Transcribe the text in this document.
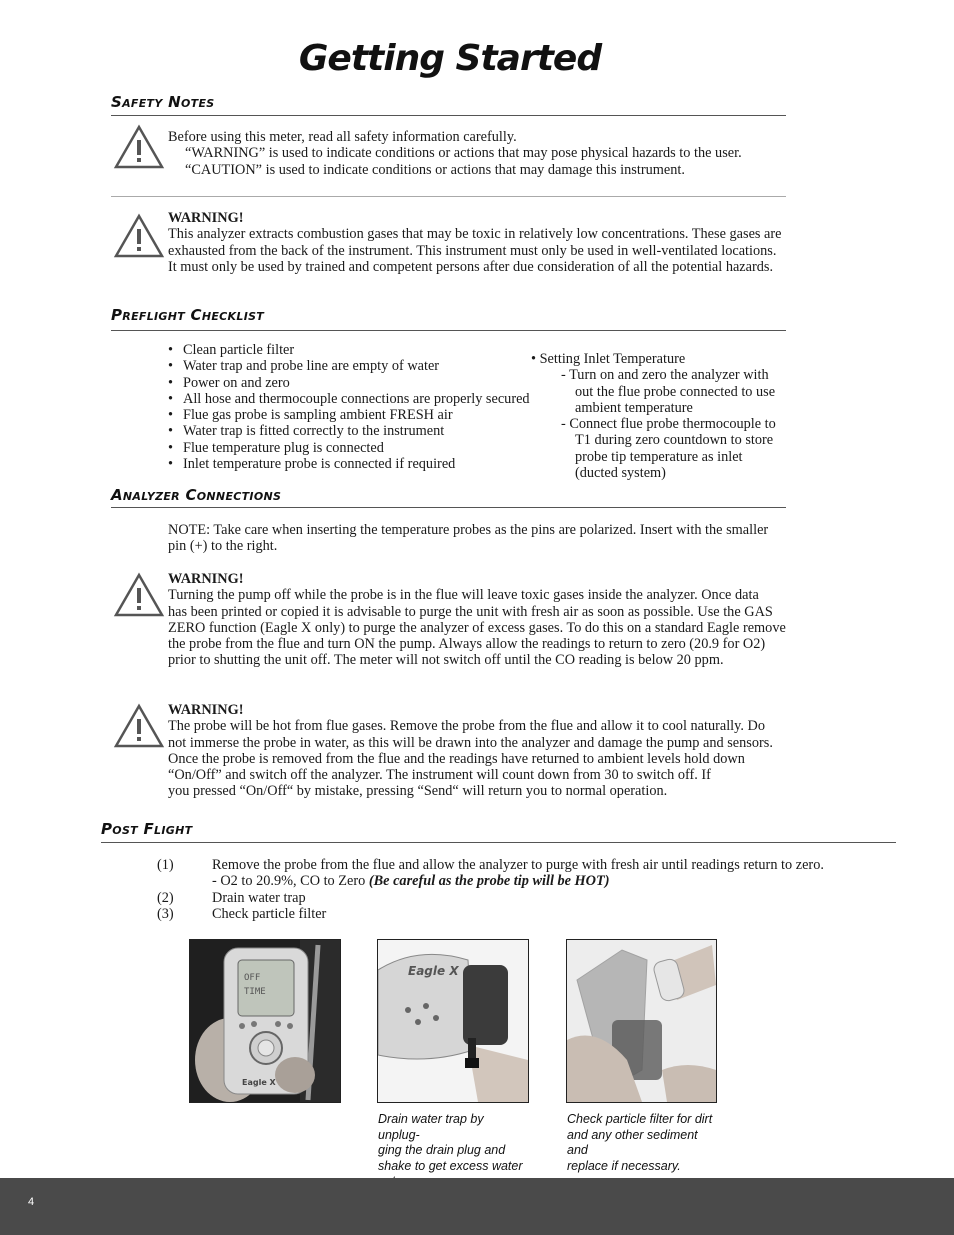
Getting Started
Safety Notes

Before using this meter, read all safety information carefully.

“WARNING” is used to indicate conditions or actions that may pose physical hazards to the user.

“CAUTION” is used to indicate conditions or actions that may damage this instrument.

WARNING!

This analyzer extracts combustion gases that may be toxic in relatively low concentrations. These gases are

exhausted from the back of the instrument. This instrument must only be used in well-ventilated locations.

It must only be used by trained and competent persons after due consideration of all the potential hazards.

Preflight Checklist
• Clean particle filter
• Water trap and probe line are empty of water
• Power on and zero
• All hose and thermocouple connections are properly secured
• Flue gas probe is sampling ambient FRESH air
• Water trap is fitted correctly to the instrument
• Flue temperature plug is connected
• Inlet temperature probe is connected if required

• Setting Inlet Temperature

- Turn on and zero the analyzer with

out the flue probe connected to use

ambient temperature

- Connect flue probe thermocouple to

T1 during zero countdown to store

probe tip temperature as inlet

(ducted system)

Analyzer Connections

NOTE: Take care when inserting the temperature probes as the pins are polarized. Insert with the smaller

pin (+) to the right.

WARNING!

Turning the pump off while the probe is in the flue will leave toxic gases inside the analyzer. Once data

has been printed or copied it is advisable to purge the unit with fresh air as soon as possible. Use the GAS

ZERO function (Eagle X only) to purge the analyzer of excess gases. To do this on a standard Eagle remove

the probe from the flue and turn ON the pump. Always allow the readings to return to zero (20.9 for O2)

prior to shutting the unit off. The meter will not switch off until the CO reading is below 20 ppm.

WARNING!

The probe will be hot from flue gases. Remove the probe from the flue and allow it to cool naturally. Do

not immerse the probe in water, as this will be drawn into the analyzer and damage the pump and sensors.

Once the probe is removed from the flue and the readings have returned to ambient levels hold down

“On/Off” and switch off the analyzer. The instrument will count down from 30 to switch off. If

you pressed “On/Off“ by mistake, pressing “Send“ will return you to normal operation.

Post Flight
(1)	Remove the probe from the flue and allow the analyzer to purge with fresh air until readings return to zero.
- O2 to 20.9%, CO to Zero (Be careful as the probe tip will be HOT)
(2)	Drain water trap
(3)	Check particle filter
OFF
TIME
Eagle X
Eagle X
Drain water trap by unplug-
ging the drain plug and
shake to get excess water
Check particle filter for dirt
and any other sediment and
replace if necessary.
4
